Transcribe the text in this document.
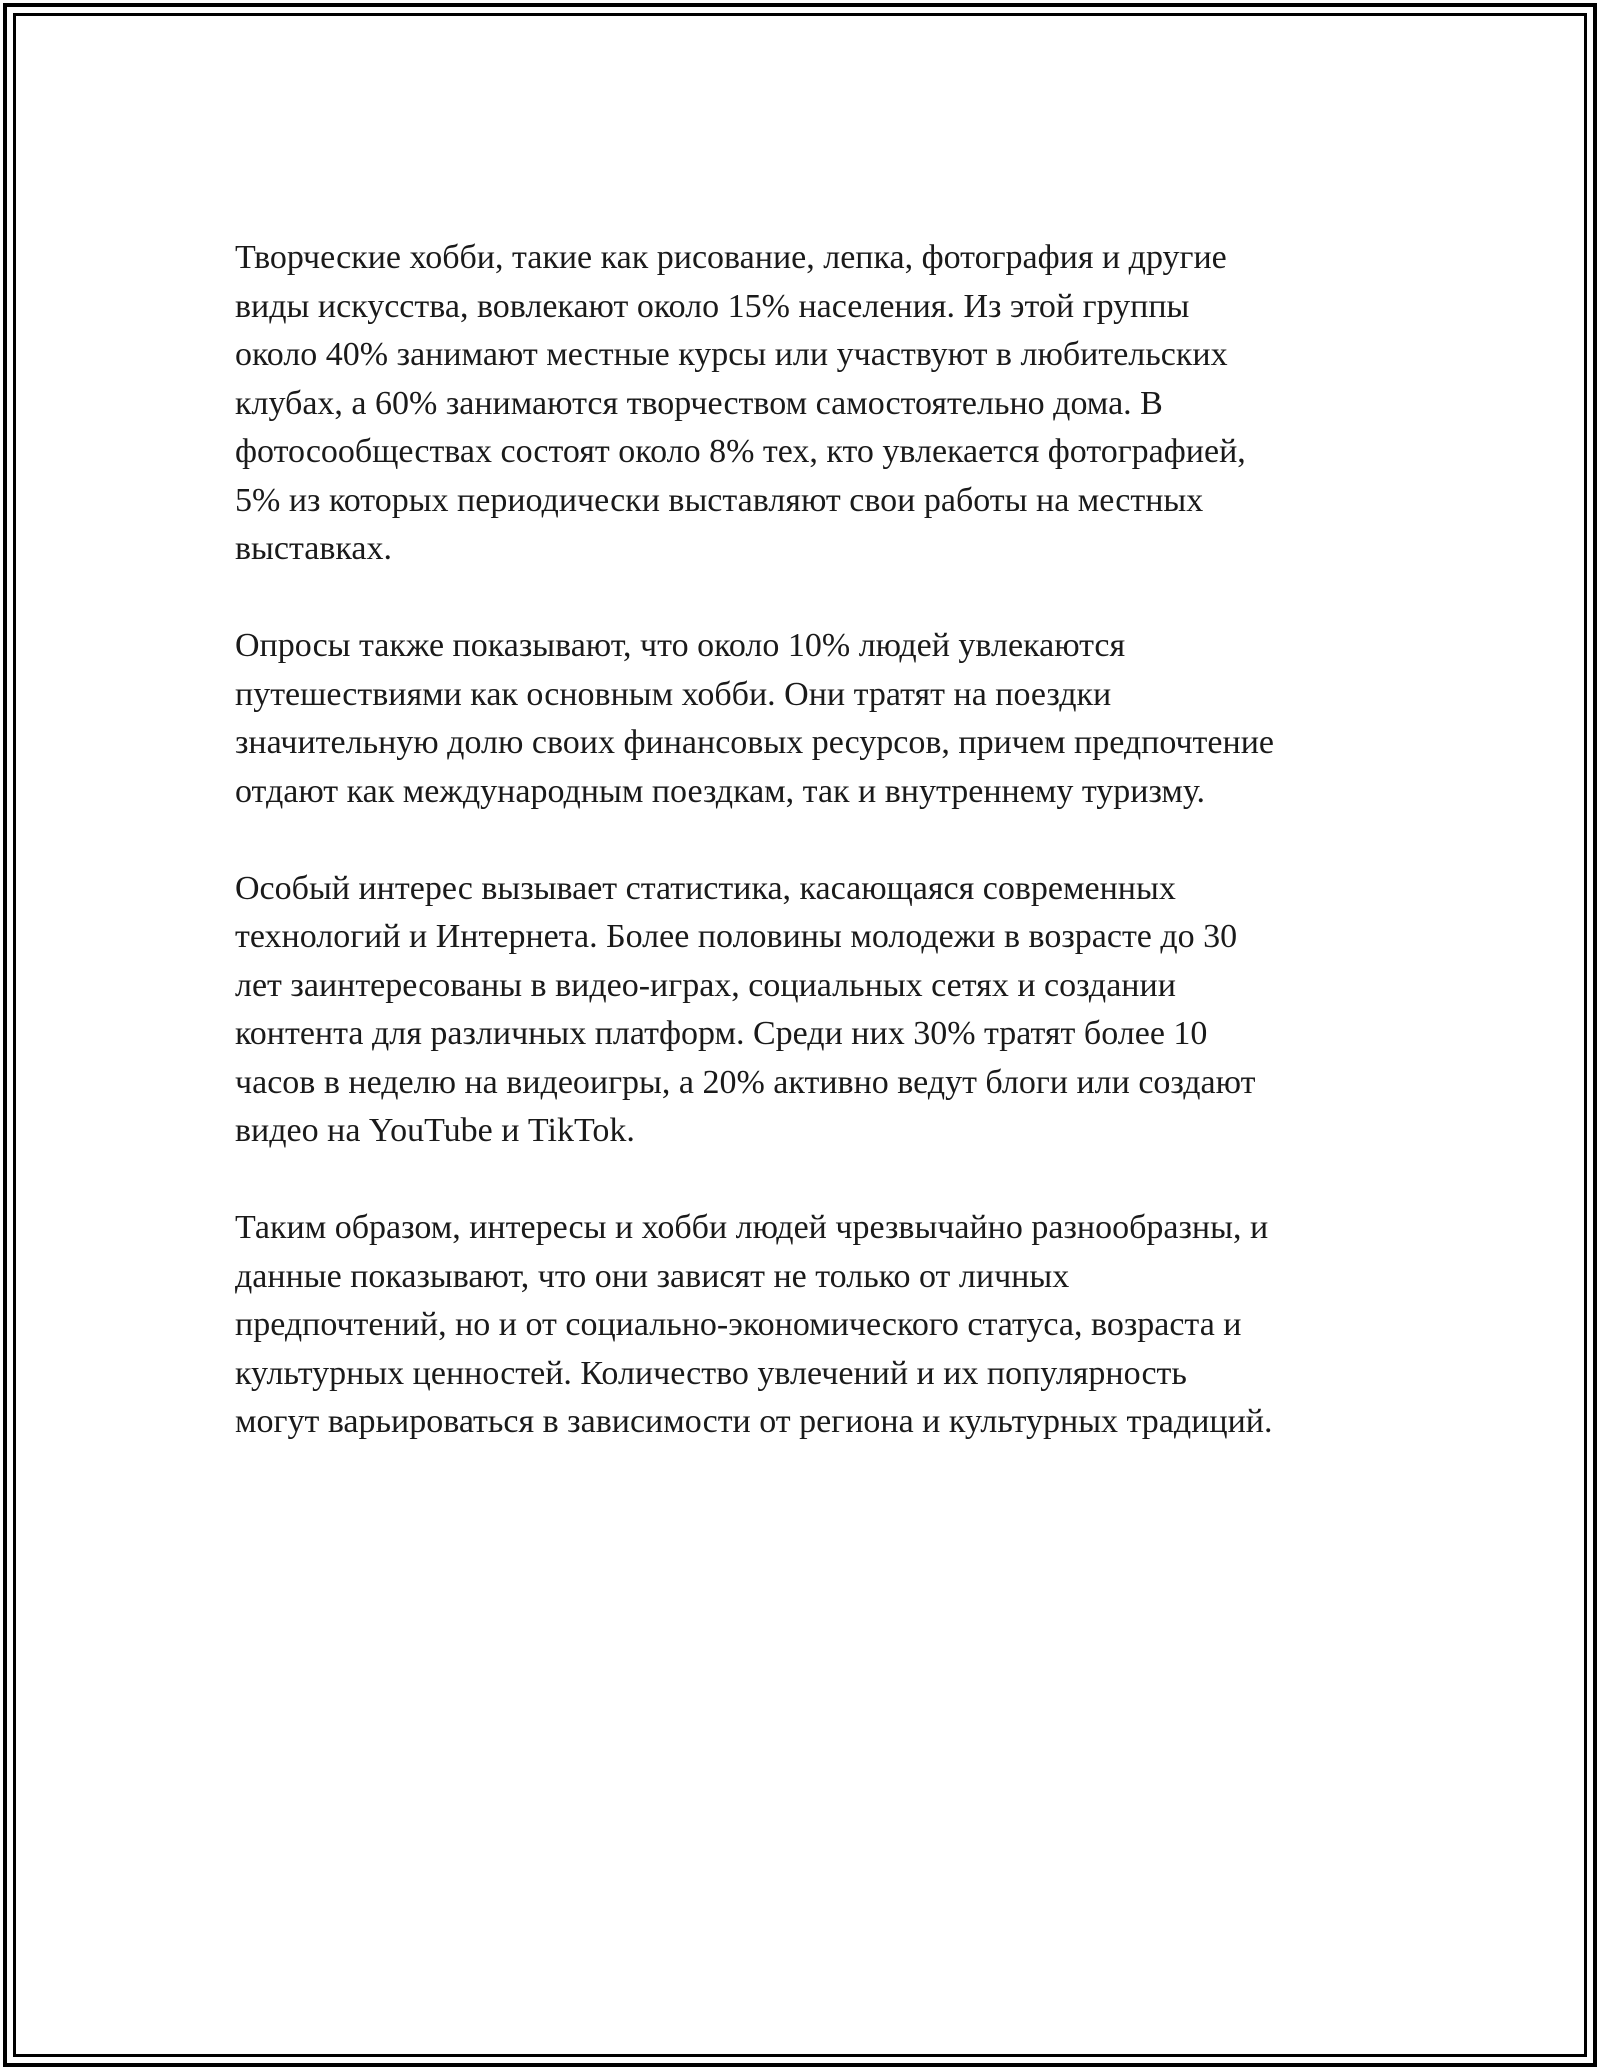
Творческие хобби, такие как рисование, лепка, фотография и другие
виды искусства, вовлекают около 15% населения. Из этой группы
около 40% занимают местные курсы или участвуют в любительских
клубах, а 60% занимаются творчеством самостоятельно дома. В
фотосообществах состоят около 8% тех, кто увлекается фотографией,
5% из которых периодически выставляют свои работы на местных
выставках.

Опросы также показывают, что около 10% людей увлекаются
путешествиями как основным хобби. Они тратят на поездки
значительную долю своих финансовых ресурсов, причем предпочтение
отдают как международным поездкам, так и внутреннему туризму.

Особый интерес вызывает статистика, касающаяся современных
технологий и Интернета. Более половины молодежи в возрасте до 30
лет заинтересованы в видео-играх, социальных сетях и создании
контента для различных платформ. Среди них 30% тратят более 10
часов в неделю на видеоигры, а 20% активно ведут блоги или создают
видео на YouTube и TikTok.

Таким образом, интересы и хобби людей чрезвычайно разнообразны, и
данные показывают, что они зависят не только от личных
предпочтений, но и от социально-экономического статуса, возраста и
культурных ценностей. Количество увлечений и их популярность
могут варьироваться в зависимости от региона и культурных традиций.
